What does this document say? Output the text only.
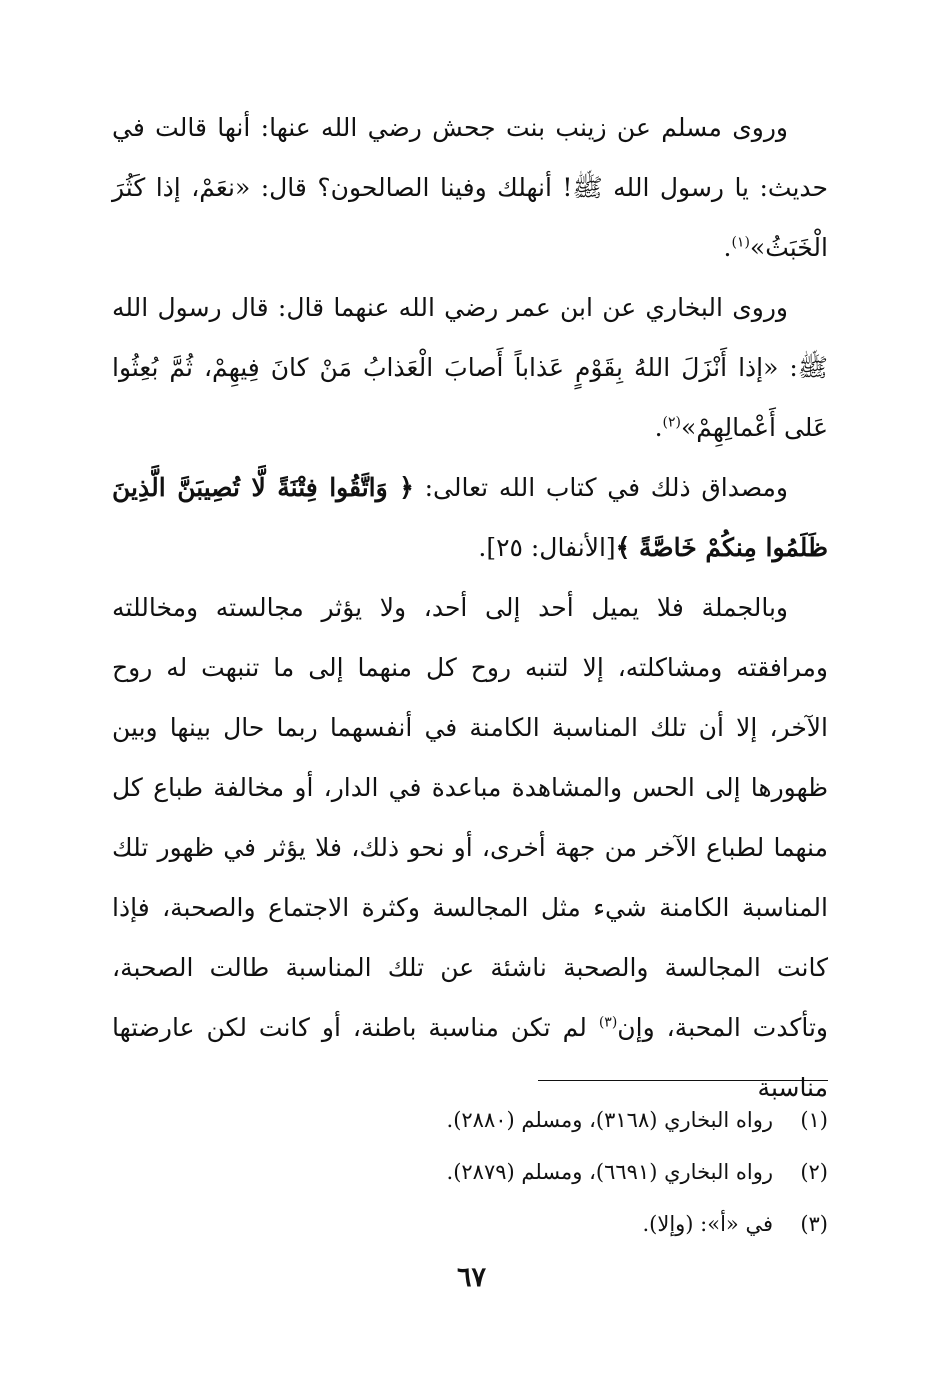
وروى مسلم عن زينب بنت جحش رضي الله عنها: أنها قالت في حديث: يا رسول الله ﷺ! أنهلك وفينا الصالحون؟ قال: «نعَمْ، إذا كَثُرَ الْخَبَثُ»$^{(١)}$.

وروى البخاري عن ابن عمر رضي الله عنهما قال: قال رسول الله ﷺ: «إذا أَنْزَلَ اللهُ بِقَوْمٍ عَذاباً أَصابَ الْعَذابُ مَنْ كانَ فِيهِمْ، ثُمَّ بُعِثُوا عَلى أَعْمالِهِمْ»$^{(٢)}$.

ومصداق ذلك في كتاب الله تعالى: ﴿ وَاتَّقُوا فِتْنَةً لَّا تُصِيبَنَّ الَّذِينَ ظَلَمُوا مِنكُمْ خَاصَّةً ﴾[الأنفال: ٢٥].

وبالجملة فلا يميل أحد إلى أحد، ولا يؤثر مجالسته ومخاللته ومرافقته ومشاكلته، إلا لتنبه روح كل منهما إلى ما تنبهت له روح الآخر، إلا أن تلك المناسبة الكامنة في أنفسهما ربما حال بينها وبين ظهورها إلى الحس والمشاهدة مباعدة في الدار، أو مخالفة طباع كل منهما لطباع الآخر من جهة أخرى، أو نحو ذلك، فلا يؤثر في ظهور تلك المناسبة الكامنة شيء مثل المجالسة وكثرة الاجتماع والصحبة، فإذا كانت المجالسة والصحبة ناشئة عن تلك المناسبة طالت الصحبة، وتأكدت المحبة، وإن$^{(٣)}$ لم تكن مناسبة باطنة، أو كانت لكن عارضتها مناسبة

(١)
رواه البخاري (٣١٦٨)، ومسلم (٢٨٨٠).
(٢)
رواه البخاري (٦٦٩١)، ومسلم (٢٨٧٩).
(٣)
في «أ»: (وإلا).
٦٧
